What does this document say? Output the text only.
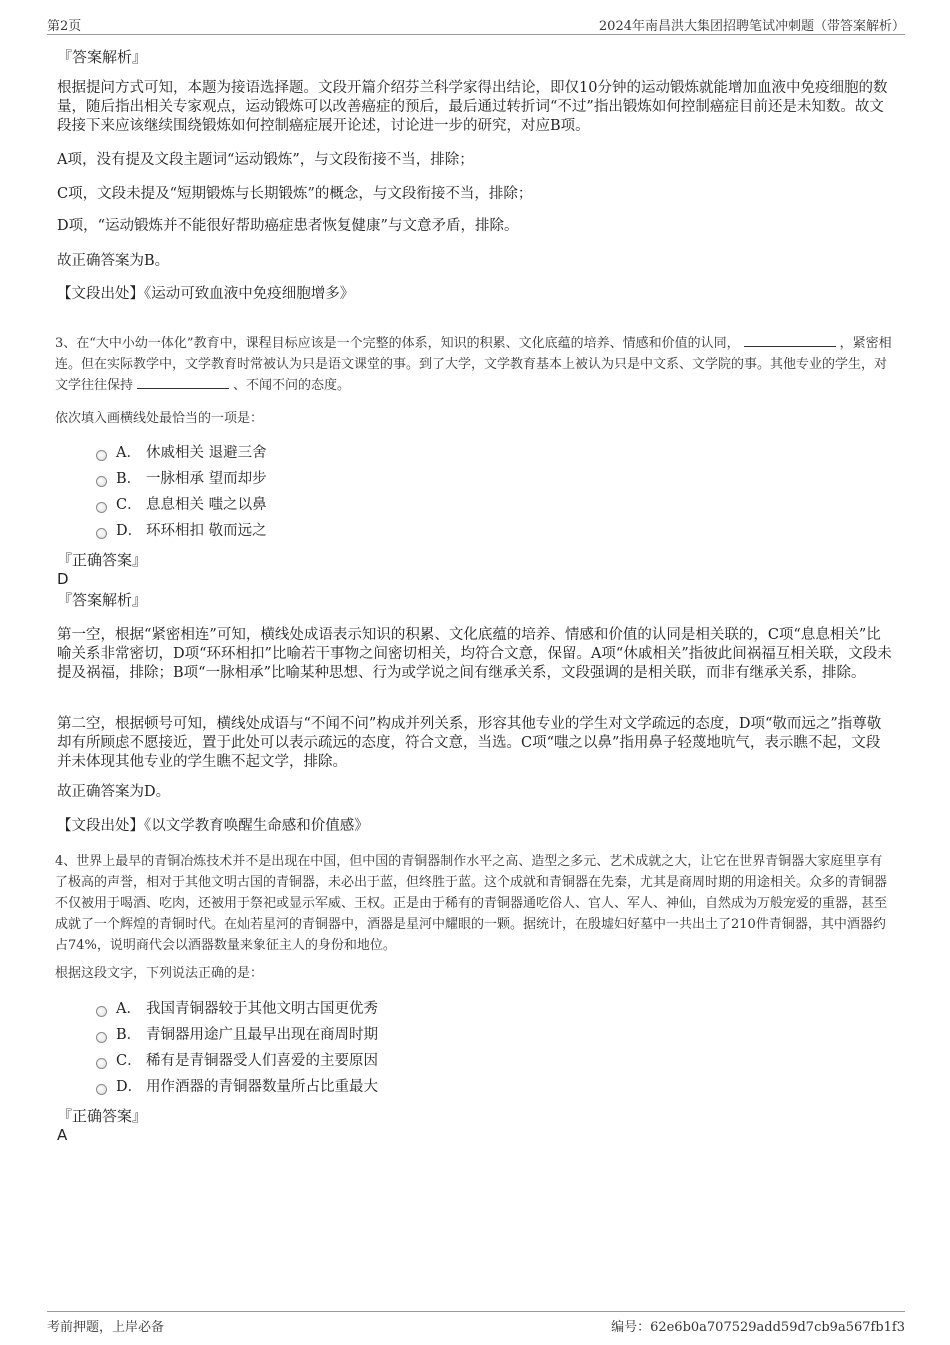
第2页	2024年南昌洪大集团招聘笔试冲刺题（带答案解析）
『答案解析』
根据提问方式可知，本题为接语选择题。文段开篇介绍芬兰科学家得出结论，即仅10分钟的运动锻炼就能增加血液中免疫细胞的数量，随后指出相关专家观点，运动锻炼可以改善癌症的预后，最后通过转折词“不过”指出锻炼如何控制癌症目前还是未知数。故文段接下来应该继续围绕锻炼如何控制癌症展开论述，讨论进一步的研究，对应B项。
A项，没有提及文段主题词“运动锻炼”，与文段衔接不当，排除；
C项，文段未提及“短期锻炼与长期锻炼”的概念，与文段衔接不当，排除；
D项，“运动锻炼并不能很好帮助癌症患者恢复健康”与文意矛盾，排除。
故正确答案为B。
【文段出处】《运动可致血液中免疫细胞增多》
3、在“大中小幼一体化”教育中，课程目标应该是一个完整的体系，知识的积累、文化底蕴的培养、情感和价值的认同，	，紧密相连。但在实际教学中，文学教育时常被认为只是语文课堂的事。到了大学，文学教育基本上被认为只是中文系、文学院的事。其他专业的学生，对文学往往保持	、不闻不问的态度。
依次填入画横线处最恰当的一项是：
A． 休戚相关 退避三舍
B． 一脉相承 望而却步
C． 息息相关 嗤之以鼻
D． 环环相扣 敬而远之
『正确答案』
D
『答案解析』
第一空，根据“紧密相连”可知，横线处成语表示知识的积累、文化底蕴的培养、情感和价值的认同是相关联的，C项“息息相关”比喻关系非常密切，D项“环环相扣”比喻若干事物之间密切相关，均符合文意，保留。A项“休戚相关”指彼此间祸福互相关联，文段未提及祸福，排除；B项“一脉相承”比喻某种思想、行为或学说之间有继承关系，文段强调的是相关联，而非有继承关系，排除。
第二空，根据顿号可知，横线处成语与“不闻不问”构成并列关系，形容其他专业的学生对文学疏远的态度，D项“敬而远之”指尊敬却有所顾虑不愿接近，置于此处可以表示疏远的态度，符合文意，当选。C项“嗤之以鼻”指用鼻子轻蔑地吭气，表示瞧不起，文段并未体现其他专业的学生瞧不起文学，排除。
故正确答案为D。
【文段出处】《以文学教育唤醒生命感和价值感》
4、世界上最早的青铜冶炼技术并不是出现在中国，但中国的青铜器制作水平之高、造型之多元、艺术成就之大，让它在世界青铜器大家庭里享有了极高的声誉，相对于其他文明古国的青铜器，未必出于蓝，但终胜于蓝。这个成就和青铜器在先秦，尤其是商周时期的用途相关。众多的青铜器不仅被用于喝酒、吃肉，还被用于祭祀或显示军威、王权。正是由于稀有的青铜器通吃俗人、官人、军人、神仙，自然成为万般宠爱的重器，甚至成就了一个辉煌的青铜时代。在灿若星河的青铜器中，酒器是星河中耀眼的一颗。据统计，在殷墟妇好墓中一共出土了210件青铜器，其中酒器约占74%，说明商代会以酒器数量来象征主人的身份和地位。
根据这段文字，下列说法正确的是：
A． 我国青铜器较于其他文明古国更优秀
B． 青铜器用途广且最早出现在商周时期
C． 稀有是青铜器受人们喜爱的主要原因
D． 用作酒器的青铜器数量所占比重最大
『正确答案』
A
考前押题，上岸必备	编号：62e6b0a707529add59d7cb9a567fb1f3
